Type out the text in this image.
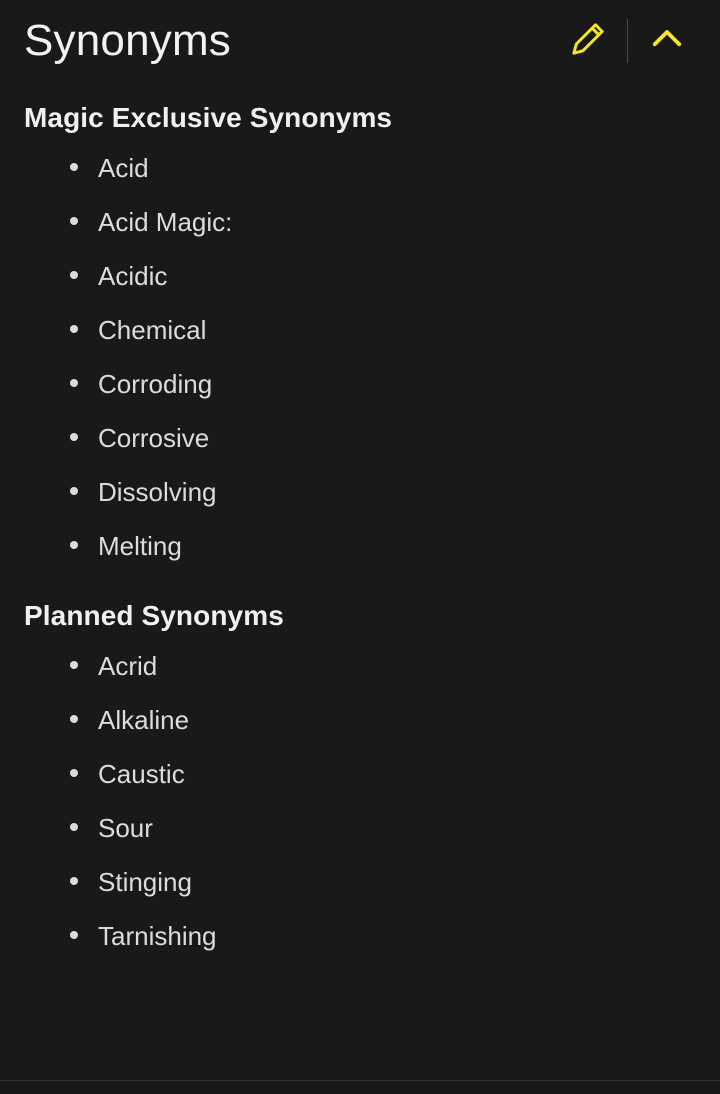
Synonyms
Magic Exclusive Synonyms
Acid
Acid Magic:
Acidic
Chemical
Corroding
Corrosive
Dissolving
Melting
Planned Synonyms
Acrid
Alkaline
Caustic
Sour
Stinging
Tarnishing
